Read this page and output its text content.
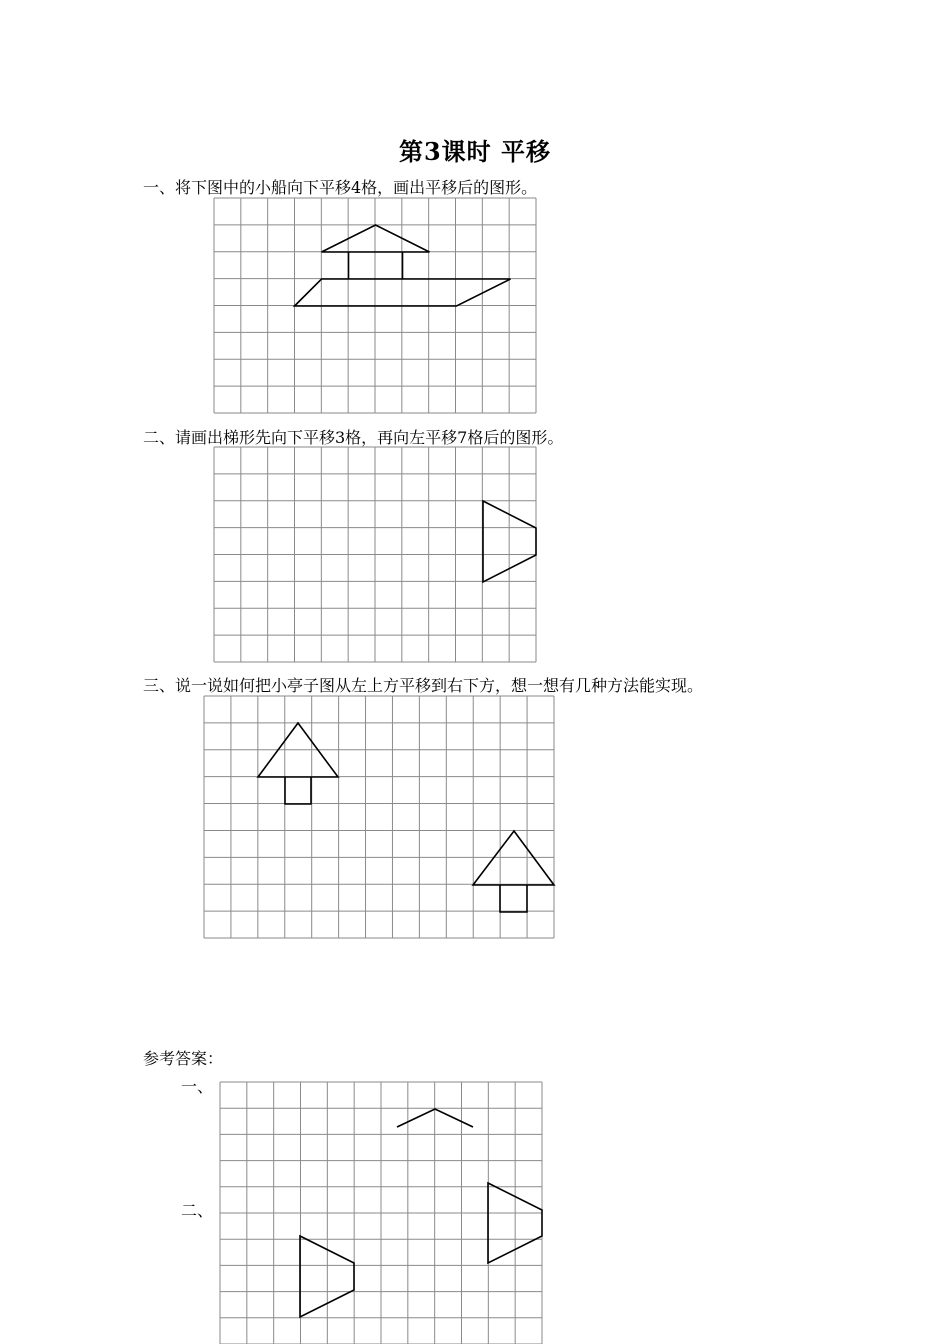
第3课时 平移
一、将下图中的小船向下平移4格，画出平移后的图形。
二、请画出梯形先向下平移3格，再向左平移7格后的图形。
三、说一说如何把小亭子图从左上方平移到右下方，想一想有几种方法能实现。
参考答案：
一、
二、
